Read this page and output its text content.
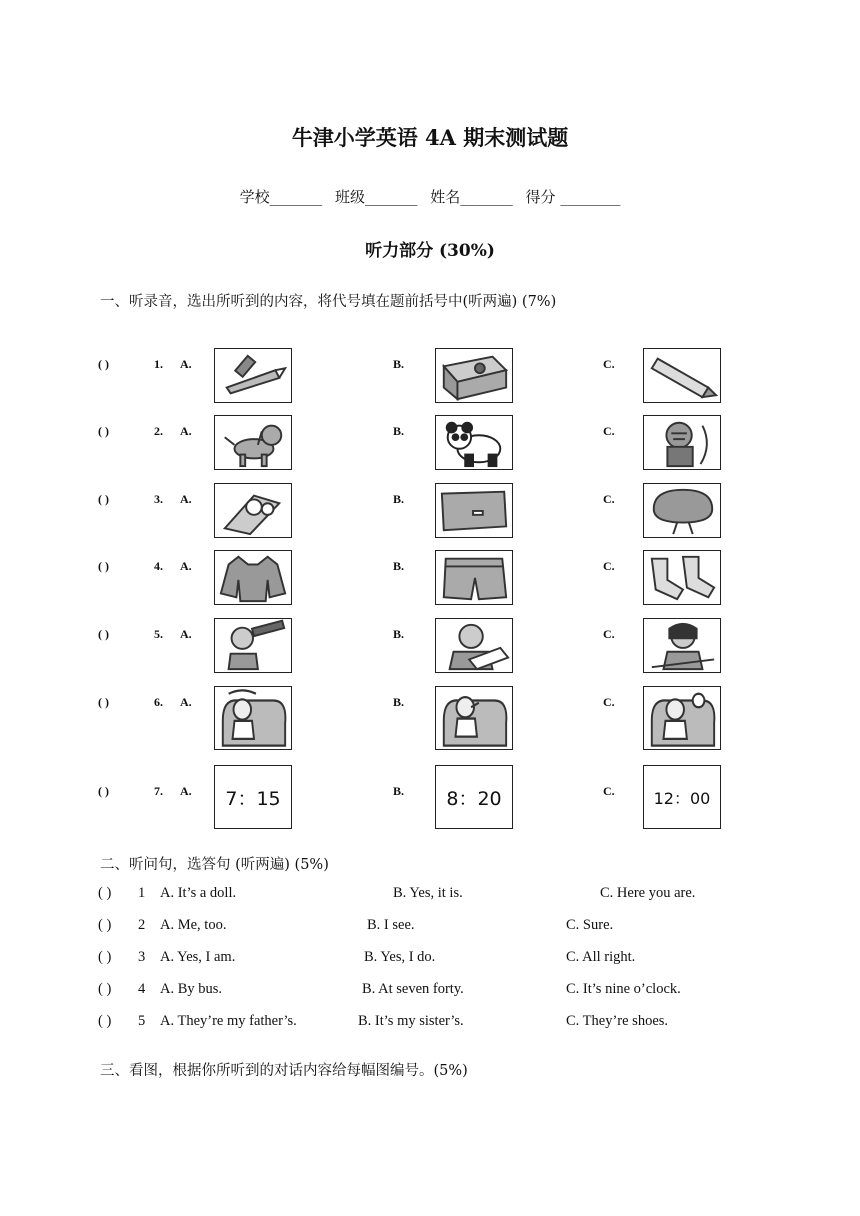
牛津小学英语 4A 期末测试题
学校_______ 班级_______ 姓名_______ 得分 ________
听力部分 (30%)
一、听录音，选出所听到的内容，将代号填在题前括号中(听两遍) (7%)
( )	1. A.	B.	C.
( )	2. A.	B.	C.
( )	3. A.	B.	C.
( )	4. A.	B.	C.
( )	5. A.	B.	C.
( )	6. A.	B.	C.
( )	7. A.	7：15	B.	8：20	C.	12：00
二、听问句，选答句 (听两遍) (5%)
( ) 1 A. It’s a doll.	B. Yes, it is.	C. Here you are.
( ) 2 A. Me, too.	B. I see.	C. Sure.
( ) 3 A. Yes, I am.	B. Yes, I do.	C. All right.
( ) 4 A. By bus.	B. At seven forty.	C. It’s nine o’clock.
( ) 5 A. They’re my father’s.	B. It’s my sister’s.	C. They’re shoes.
三、看图，根据你所听到的对话内容给每幅图编号。(5%)
